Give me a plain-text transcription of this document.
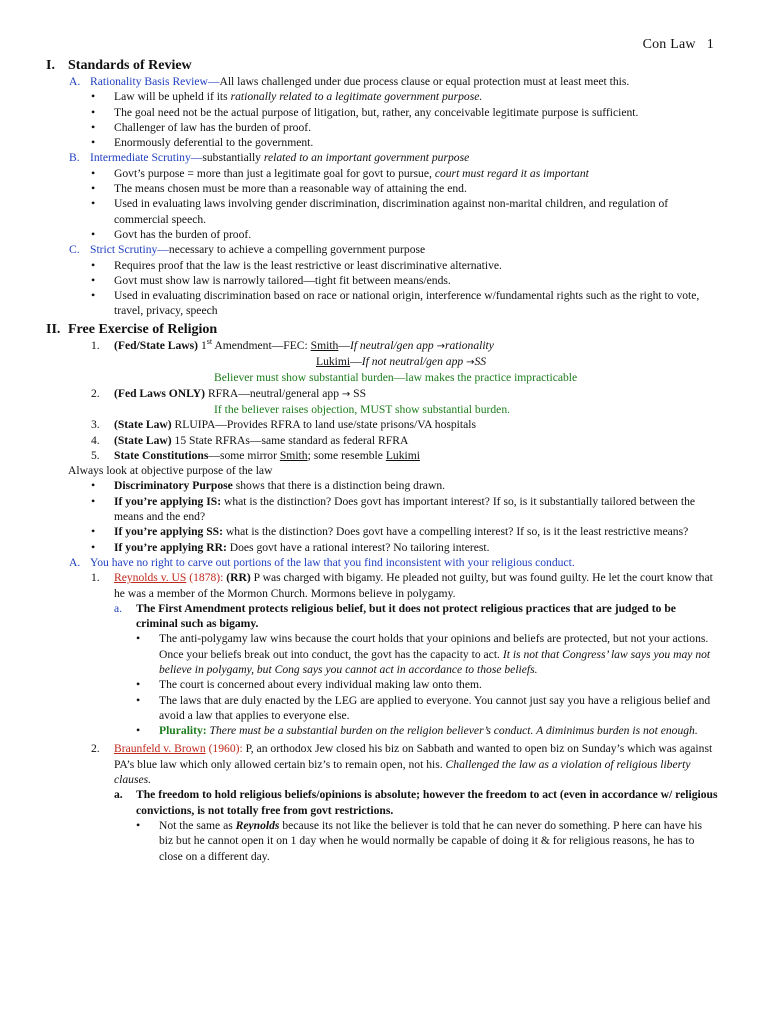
Con Law 1
I. Standards of Review
A. Rationality Basis Review—All laws challenged under due process clause or equal protection must at least meet this.
• Law will be upheld if its rationally related to a legitimate government purpose.
• The goal need not be the actual purpose of litigation, but, rather, any conceivable legitimate purpose is sufficient.
• Challenger of law has the burden of proof.
• Enormously deferential to the government.
B. Intermediate Scrutiny—substantially related to an important government purpose
• Govt’s purpose = more than just a legitimate goal for govt to pursue, court must regard it as important
• The means chosen must be more than a reasonable way of attaining the end.
• Used in evaluating laws involving gender discrimination, discrimination against non-marital children, and regulation of commercial speech.
• Govt has the burden of proof.
C. Strict Scrutiny—necessary to achieve a compelling government purpose
• Requires proof that the law is the least restrictive or least discriminative alternative.
• Govt must show law is narrowly tailored—tight fit between means/ends.
• Used in evaluating discrimination based on race or national origin, interference w/fundamental rights such as the right to vote, travel, privacy, speech
II. Free Exercise of Religion
1. (Fed/State Laws) 1st Amendment—FEC: Smith—If neutral/gen app →rationality
Lukimi—If not neutral/gen app →SS
Believer must show substantial burden—law makes the practice impracticable
2. (Fed Laws ONLY) RFRA—neutral/general app → SS
If the believer raises objection, MUST show substantial burden.
3. (State Law) RLUIPA—Provides RFRA to land use/state prisons/VA hospitals
4. (State Law) 15 State RFRAs—same standard as federal RFRA
5. State Constitutions—some mirror Smith; some resemble Lukimi
Always look at objective purpose of the law
• Discriminatory Purpose shows that there is a distinction being drawn.
• If you’re applying IS: what is the distinction? Does govt has important interest? If so, is it substantially tailored between the means and the end?
• If you’re applying SS: what is the distinction? Does govt have a compelling interest? If so, is it the least restrictive means?
• If you’re applying RR: Does govt have a rational interest? No tailoring interest.
A. You have no right to carve out portions of the law that you find inconsistent with your religious conduct.
1. Reynolds v. US (1878): (RR) P was charged with bigamy. He pleaded not guilty, but was found guilty. He let the court know that he was a member of the Mormon Church. Mormons believe in polygamy.
a. The First Amendment protects religious belief, but it does not protect religious practices that are judged to be criminal such as bigamy.
• The anti-polygamy law wins because the court holds that your opinions and beliefs are protected, but not your actions. Once your beliefs break out into conduct, the govt has the capacity to act. It is not that Congress’ law says you may not believe in polygamy, but Cong says you cannot act in accordance to those beliefs.
• The court is concerned about every individual making law onto them.
• The laws that are duly enacted by the LEG are applied to everyone. You cannot just say you have a religious belief and avoid a law that applies to everyone else.
• Plurality: There must be a substantial burden on the religion believer’s conduct. A diminimus burden is not enough.
2. Braunfeld v. Brown (1960): P, an orthodox Jew closed his biz on Sabbath and wanted to open biz on Sunday’s which was against PA’s blue law which only allowed certain biz’s to remain open, not his. Challenged the law as a violation of religious liberty clauses.
a. The freedom to hold religious beliefs/opinions is absolute; however the freedom to act (even in accordance w/ religious convictions, is not totally free from govt restrictions.
• Not the same as Reynolds because its not like the believer is told that he can never do something. P here can have his biz but he cannot open it on 1 day when he would normally be capable of doing it & for religious reasons, he has to close on a different day.
